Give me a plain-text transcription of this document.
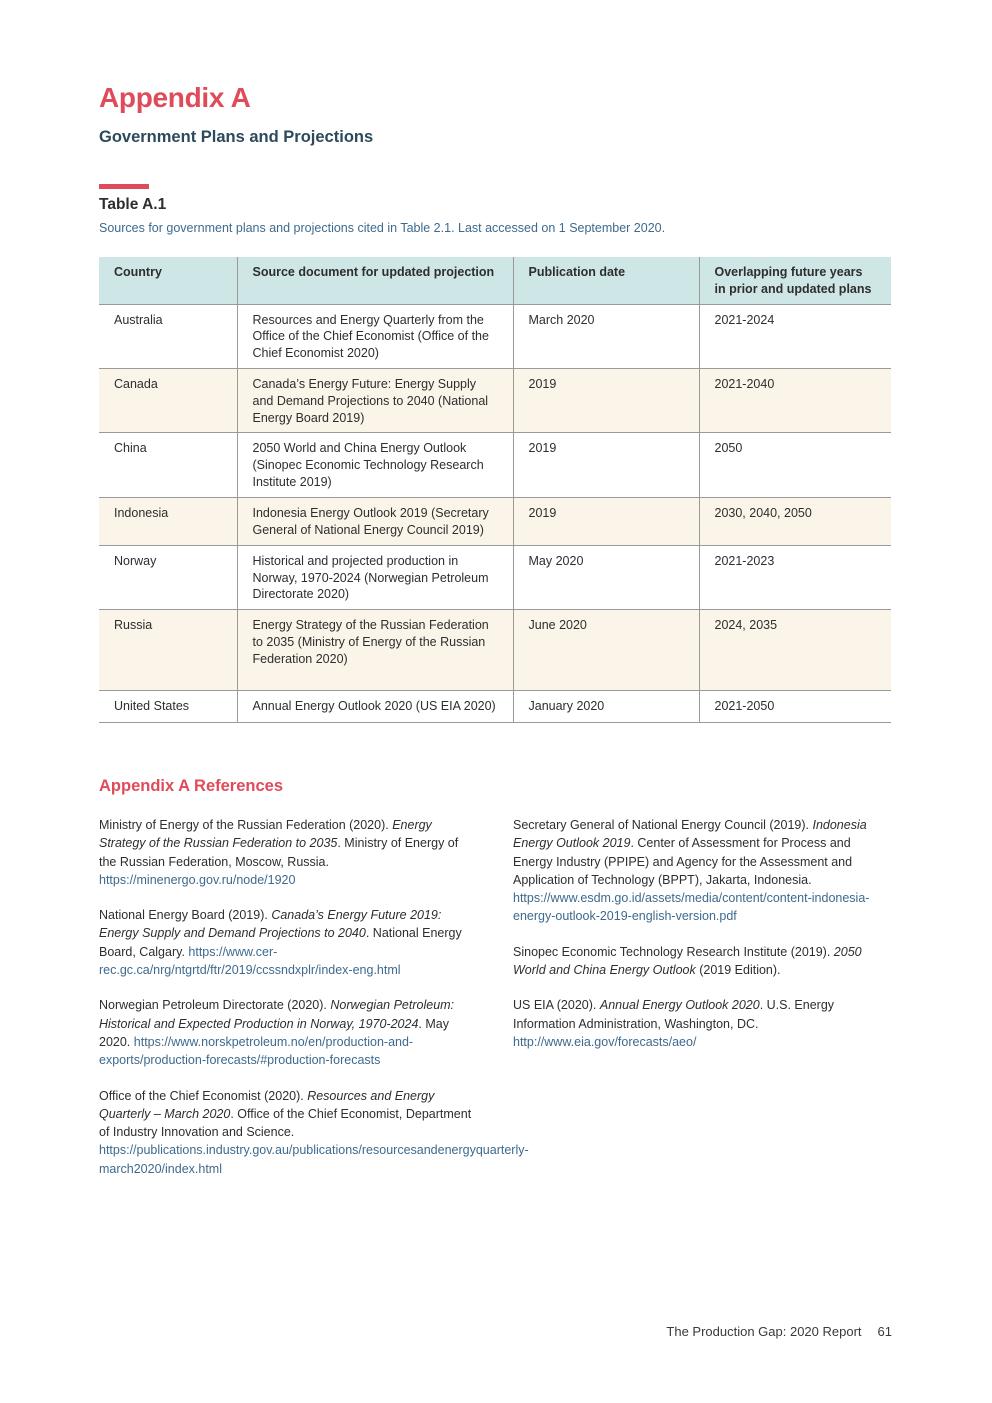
Appendix A
Government Plans and Projections
Table A.1
Sources for government plans and projections cited in Table 2.1. Last accessed on 1 September 2020.
Country	Source document for updated projection	Publication date	Overlapping future years in prior and updated plans
Australia	Resources and Energy Quarterly from the Office of the Chief Economist (Office of the Chief Economist 2020)	March 2020	2021-2024
Canada	Canada’s Energy Future: Energy Supply and Demand Projections to 2040 (National Energy Board 2019)	2019	2021-2040
China	2050 World and China Energy Outlook (Sinopec Economic Technology Research Institute 2019)	2019	2050
Indonesia	Indonesia Energy Outlook 2019 (Secretary General of National Energy Council 2019)	2019	2030, 2040, 2050
Norway	Historical and projected production in Norway, 1970-2024 (Norwegian Petroleum Directorate 2020)	May 2020	2021-2023
Russia	Energy Strategy of the Russian Federation to 2035 (Ministry of Energy of the Russian Federation 2020)	June 2020	2024, 2035
United States	Annual Energy Outlook 2020 (US EIA 2020)	January 2020	2021-2050
Appendix A References

Ministry of Energy of the Russian Federation (2020). Energy Strategy of the Russian Federation to 2035. Ministry of Energy of the Russian Federation, Moscow, Russia. https://minenergo.gov.ru/node/1920

National Energy Board (2019). Canada’s Energy Future 2019: Energy Supply and Demand Projections to 2040. National Energy Board, Calgary. https://www.cer-rec.gc.ca/nrg/ntgrtd/ftr/2019/ccssndxplr/index-eng.html

Norwegian Petroleum Directorate (2020). Norwegian Petroleum: Historical and Expected Production in Norway, 1970-2024. May 2020. https://www.norskpetroleum.no/en/production-and-exports/production-forecasts/#production-forecasts

Office of the Chief Economist (2020). Resources and Energy Quarterly – March 2020. Office of the Chief Economist, Department of Industry Innovation and Science. https://publications.industry.gov.au/publications/resourcesandenergyquarterly-march2020/index.html

Secretary General of National Energy Council (2019). Indonesia Energy Outlook 2019. Center of Assessment for Process and Energy Industry (PPIPE) and Agency for the Assessment and Application of Technology (BPPT), Jakarta, Indonesia. https://www.esdm.go.id/assets/media/content/content-indonesia-energy-outlook-2019-english-version.pdf

Sinopec Economic Technology Research Institute (2019). 2050 World and China Energy Outlook (2019 Edition).

US EIA (2020). Annual Energy Outlook 2020. U.S. Energy Information Administration, Washington, DC. http://www.eia.gov/forecasts/aeo/

The Production Gap: 2020 Report 61
